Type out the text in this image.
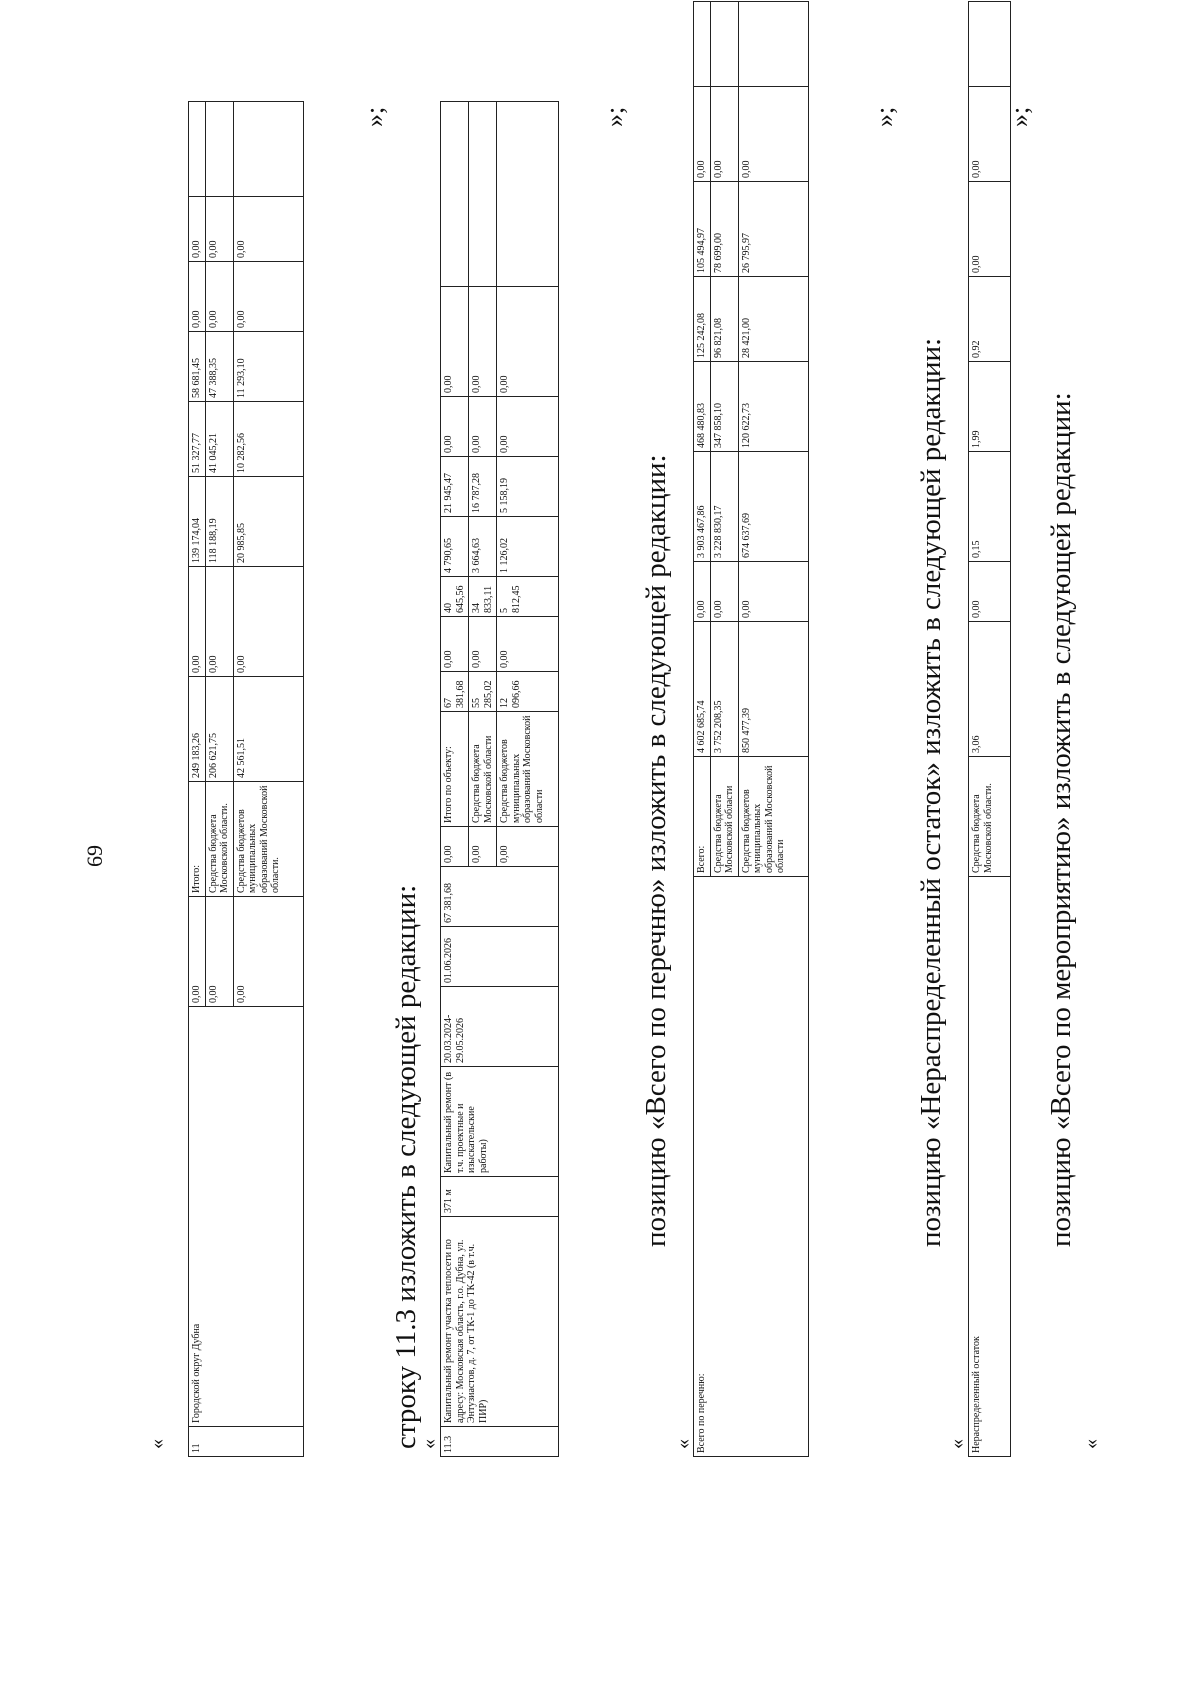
69
« 11	Городской округ Дубна	0,00	Итого:	249 183,26	0,00	139 174,04	51 327,77	58 681,45	0,00	0,00	
		0,00	Средства бюджета Московской области.	206 621,75	0,00	118 188,19	41 045,21	47 388,35	0,00	0,00	
		0,00	Средства бюджетов муниципальных образований Московской области.	42 561,51	0,00	20 985,85	10 282,56	11 293,10	0,00	0,00	
»;
строку 11.3 изложить в следующей редакции:
« 11.3	Капитальный ремонт участка теплосети по адресу: Московская область, г.о. Дубна, ул. Энтузиастов, д. 7, от ТК-1 до ТК-42 (в т.ч. ПИР)	371 м	Капитальный ремонт (в т.ч. проектные и изыскательские работы)	20.03.2024-29.05.2026	01.06.2026	67 381,68	0,00	Итого по объекту:	67 381,68	0,00	40 645,56	4 790,65	21 945,47	0,00	0,00	
							0,00	Средства бюджета Московской области	55 285,02	0,00	34 833,11	3 664,63	16 787,28	0,00	0,00	
							0,00	Средства бюджетов муниципальных образований Московской области	12 096,66	0,00	5 812,45	1 126,02	5 158,19	0,00	0,00	
»;
позицию «Всего по перечню» изложить в следующей редакции:
« Всего по перечню:	Всего:	4 602 685,74	0,00	3 903 467,86	468 480,83	125 242,08	105 494,97	0,00	
	Средства бюджета Московской области	3 752 208,35	0,00	3 228 830,17	347 858,10	96 821,08	78 699,00	0,00	
	Средства бюджетов муниципальных образований Московской области	850 477,39	0,00	674 637,69	120 622,73	28 421,00	26 795,97	0,00	
»;
позицию «Нераспределенный остаток» изложить в следующей редакции:
« Нераспределенный остаток	Средства бюджета Московской области.	3,06	0,00	0,15	1,99	0,92	0,00	0,00	
»;
позицию «Всего по мероприятию» изложить в следующей редакции:
«
